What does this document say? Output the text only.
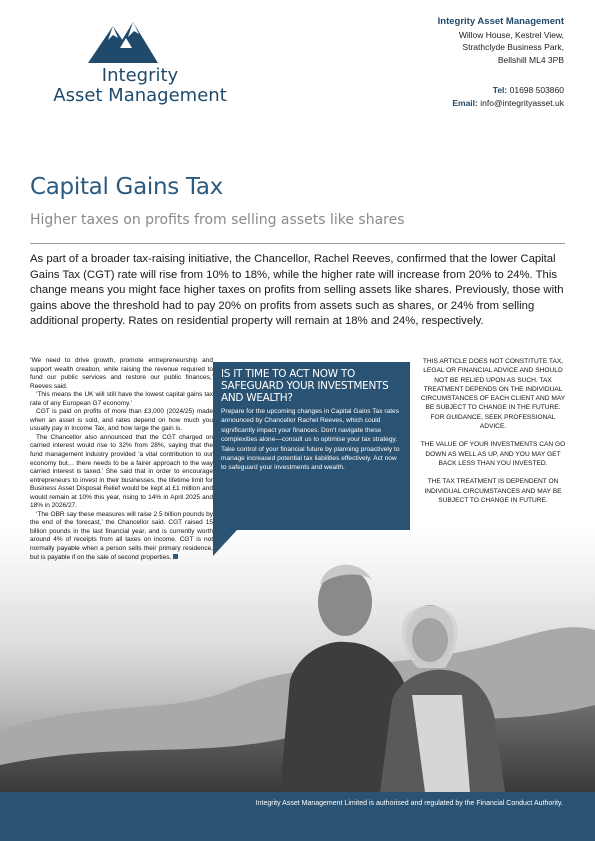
Integrity
Asset Management
Integrity Asset Management
Willow House, Kestrel View,
Strathclyde Business Park,
Bellshill ML4 3PB
Tel: 01698 503860
Email: info@integrityasset.uk
Capital Gains Tax
Higher taxes on profits from selling assets like shares

As part of a broader tax-raising initiative, the Chancellor, Rachel Reeves, confirmed that the lower Capital Gains Tax (CGT) rate will rise from 10% to 18%, while the higher rate will increase from 20% to 24%. This change means you might face higher taxes on profits from selling assets like shares. Previously, those with gains above the threshold had to pay 20% on profits from assets such as shares, or 24% from selling additional property. Rates on residential property will remain at 18% and 24%, respectively.

‘We need to drive growth, promote entrepreneurship and support wealth creation, while raising the revenue required to fund our public services and restore our public finances,’ Reeves said.

‘This means the UK will still have the lowest capital gains tax rate of any European G7 economy.’

CGT is paid on profits of more than £3,000 (2024/25) made when an asset is sold, and rates depend on how much you usually pay in Income Tax, and how large the gain is.

The Chancellor also announced that the CGT charged on carried interest would rise to 32% from 28%, saying that the fund management industry provided ‘a vital contribution to our economy but… there needs to be a fairer approach to the way carried interest is taxed.’ She said that in order to encourage entrepreneurs to invest in their businesses, the lifetime limit for Business Asset Disposal Relief would be kept at £1 million and would remain at 10% this year, rising to 14% in April 2025 and 18% in 2026/27.

‘The OBR say these measures will raise 2.5 billion pounds by the end of the forecast,’ the Chancellor said. CGT raised 15 billion pounds in the last financial year, and is currently worth around 4% of receipts from all taxes on income. CGT is not normally payable when a person sells their primary residence, but is payable if on the sale of second properties.

IS IT TIME TO ACT NOW TO SAFEGUARD YOUR INVESTMENTS AND WEALTH?
Prepare for the upcoming changes in Capital Gains Tax rates announced by Chancellor Rachel Reeves, which could significantly impact your finances. Don’t navigate these complexities alone—consult us to optimise your tax strategy. Take control of your financial future by planning proactively to manage increased potential tax liabilities effectively. Act now to safeguard your investments and wealth.

THIS ARTICLE DOES NOT CONSTITUTE TAX, LEGAL OR FINANCIAL ADVICE AND SHOULD NOT BE RELIED UPON AS SUCH. TAX TREATMENT DEPENDS ON THE INDIVIDUAL CIRCUMSTANCES OF EACH CLIENT AND MAY BE SUBJECT TO CHANGE IN THE FUTURE. FOR GUIDANCE, SEEK PROFESSIONAL ADVICE.

THE VALUE OF YOUR INVESTMENTS CAN GO DOWN AS WELL AS UP, AND YOU MAY GET BACK LESS THAN YOU INVESTED.

THE TAX TREATMENT IS DEPENDENT ON INDIVIDUAL CIRCUMSTANCES AND MAY BE SUBJECT TO CHANGE IN FUTURE.

Integrity Asset Management Limited is authorised and regulated by the Financial Conduct Authority.
